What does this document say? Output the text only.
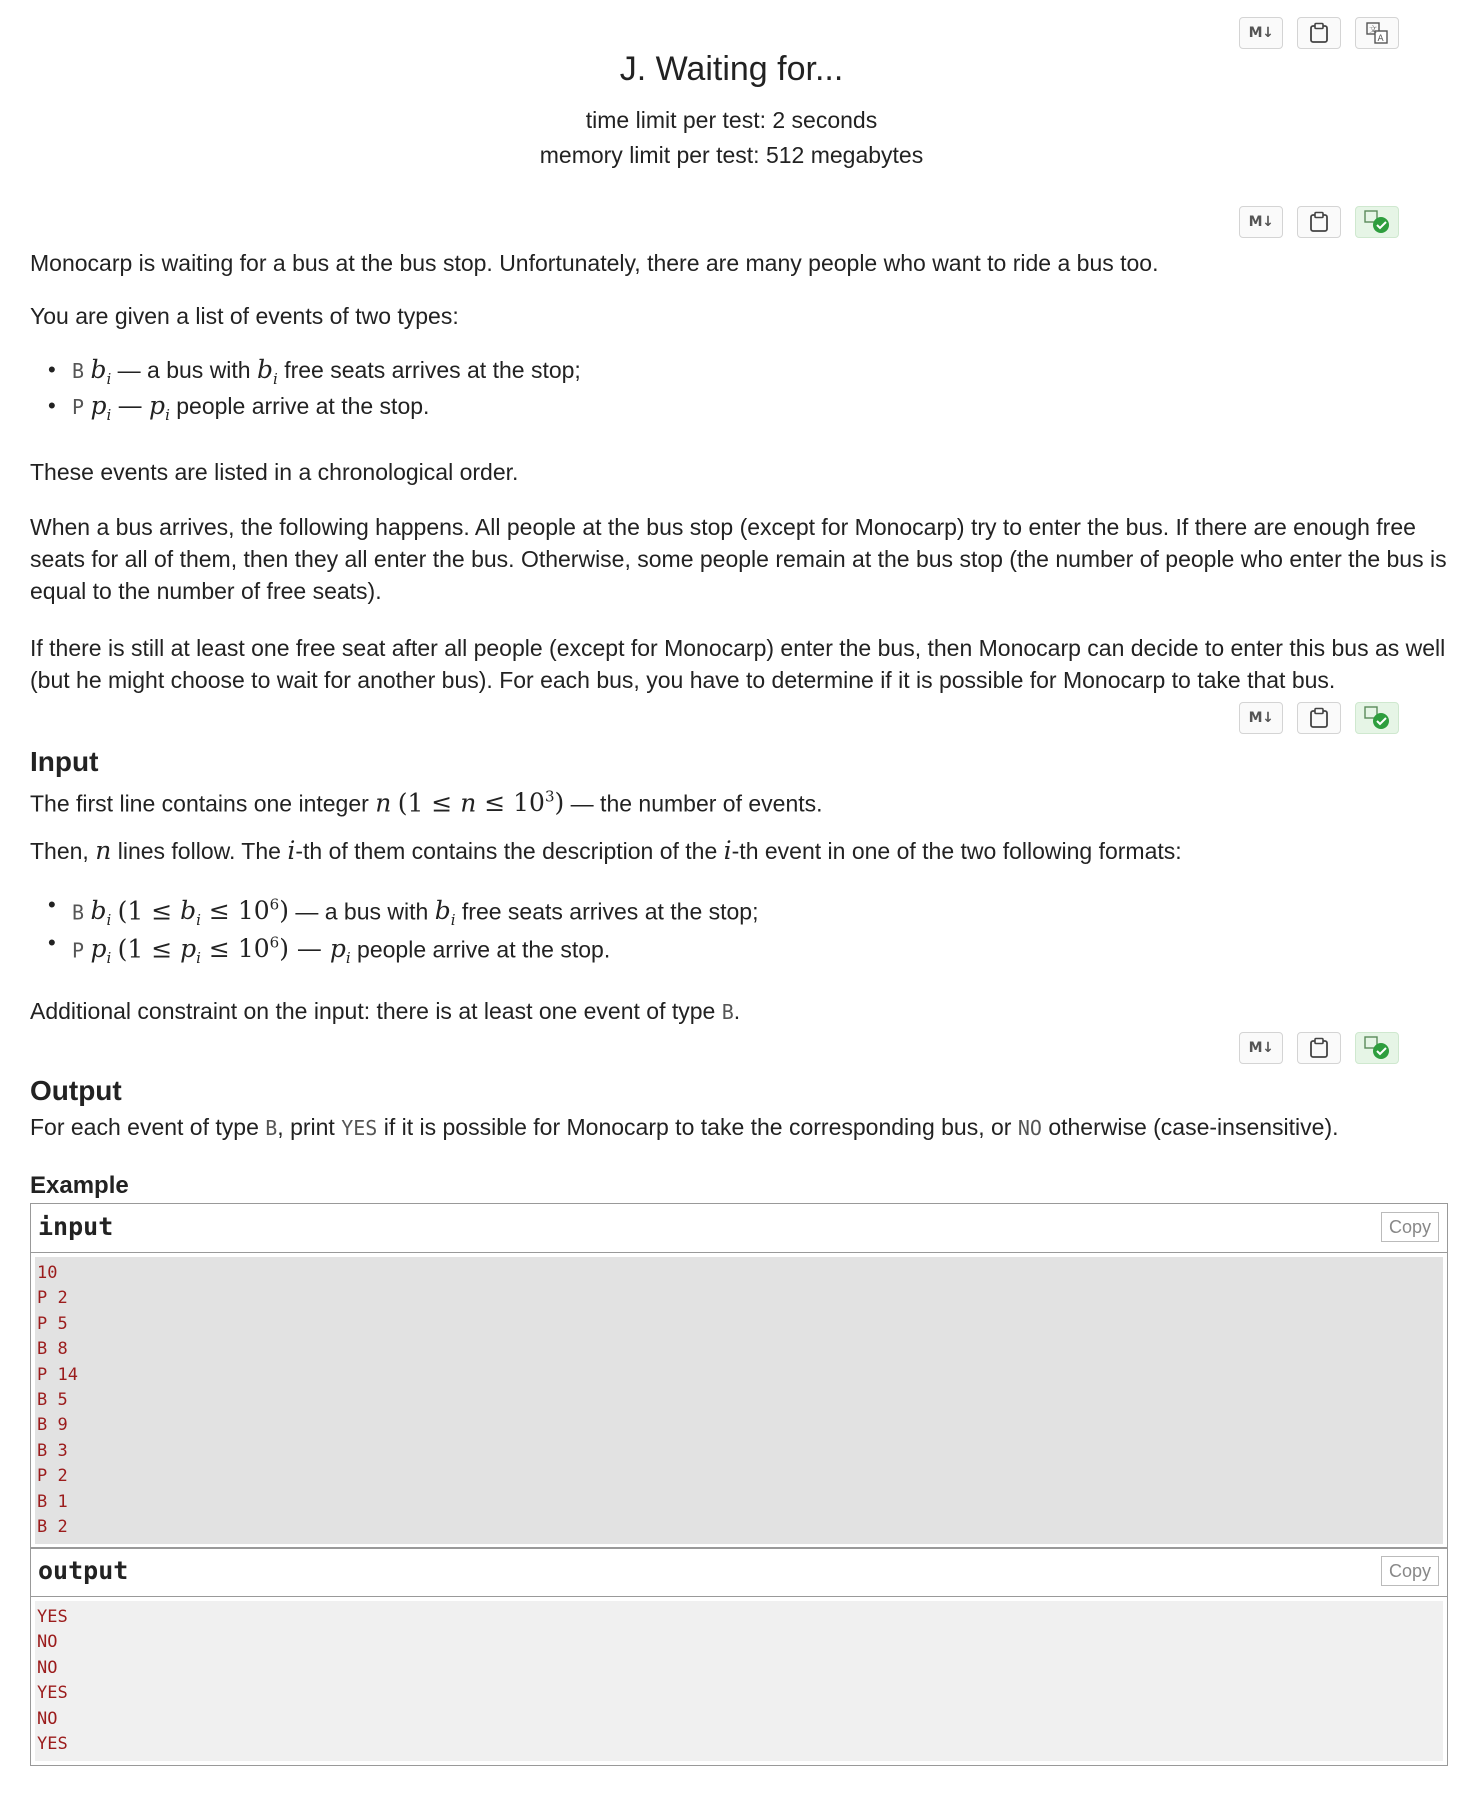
M↓	文
A
J. Waiting for...
time limit per test: 2 seconds
memory limit per test: 512 megabytes
M↓

Monocarp is waiting for a bus at the bus stop. Unfortunately, there are many people who want to ride a bus too.

You are given a list of events of two types:

• B $b_i$ — a bus with $b_i$ free seats arrives at the stop;
• P $p_i$ — $p_i$ people arrive at the stop.

These events are listed in a chronological order.

When a bus arrives, the following happens. All people at the bus stop (except for Monocarp) try to enter the bus. If there are enough free seats for all of them, then they all enter the bus. Otherwise, some people remain at the bus stop (the number of people who enter the bus is equal to the number of free seats).

If there is still at least one free seat after all people (except for Monocarp) enter the bus, then Monocarp can decide to enter this bus as well (but he might choose to wait for another bus). For each bus, you have to determine if it is possible for Monocarp to take that bus.

M↓
Input

The first line contains one integer n $(1 \le n \le 10^3)$ — the number of events.

Then, n lines follow. The i-th of them contains the description of the i-th event in one of the two following formats:

• B $b_i$ $(1 \le b_i \le 10^6)$ — a bus with $b_i$ free seats arrives at the stop;
• P $p_i$ $(1 \le p_i \le 10^6)$ — $p_i$ people arrive at the stop.

Additional constraint on the input: there is at least one event of type B.

M↓
Output

For each event of type B, print YES if it is possible for Monocarp to take the corresponding bus, or NO otherwise (case-insensitive).

Example
input	Copy
10
P 2
P 5
B 8
P 14
B 5
B 9
B 3
P 2
B 1
B 2
output	Copy
YES
NO
NO
YES
NO
YES
